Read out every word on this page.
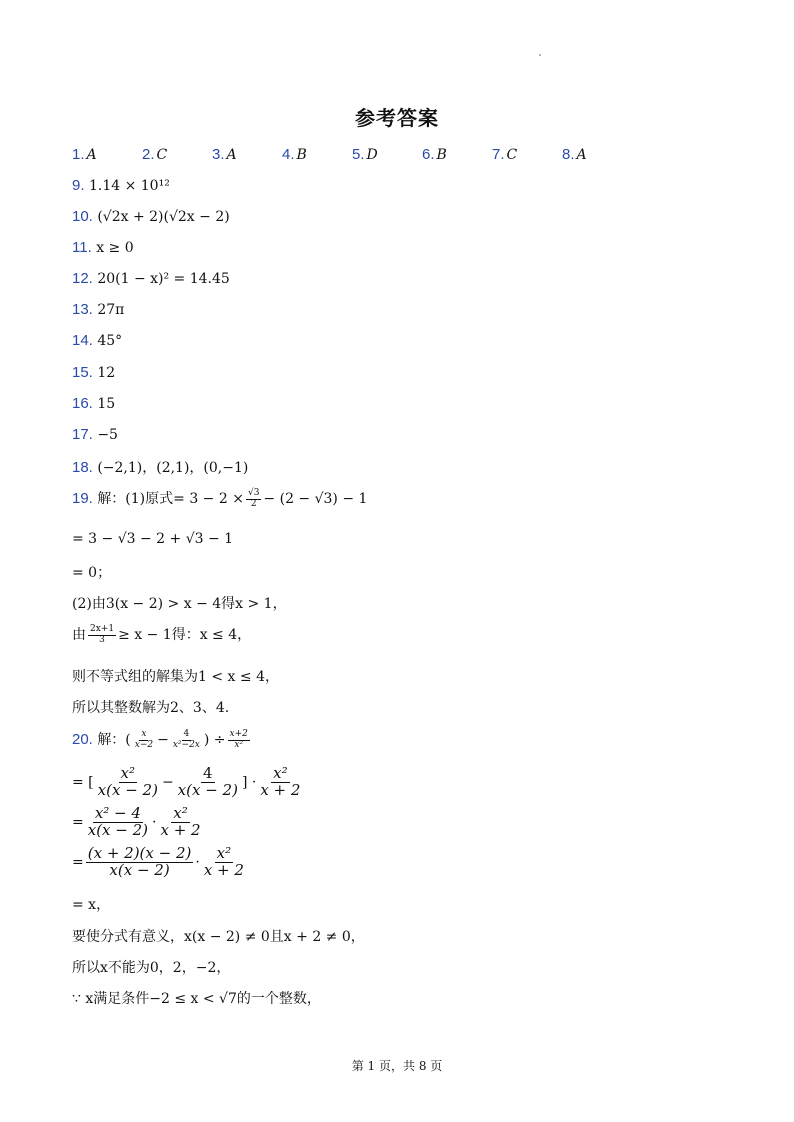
参考答案
1. A	2. C	3. A	4. B	5. D	6. B	7. C	8. A
9. 1.14 × 10¹²
10. (√2x + 2)(√2x − 2)
11. x ≥ 0
12. 20(1 − x)² = 14.45
13. 27π
14. 45°
15. 12
16. 15
17. −5
18. (−2,1)，(2,1)，(0,−1)
19. 解：(1)原式= $3 - 2 \times \frac{√3}{2} - (2 - √3) - 1$
= 3 − √3 − 2 + √3 − 1
= 0；
(2)由3(x − 2) > x − 4得x > 1，
由 $\frac{2x+1}{3} \ge x - 1$得：x ≤ 4，
则不等式组的解集为1 < x ≤ 4，
所以其整数解为2、3、4.
20. 解：( $\frac{x}{x-2} - \frac{4}{\text{x²−2x}}$ ) ÷ $\frac{x+2}{\text{x²}}$
= [ $\frac{\text{x²}}{x(x - 2)} - \frac{4}{x(x - 2)}$ ] · $\frac{\text{x²}}{x + 2}$
= $\frac{\text{x² − 4}}{x(x - 2)} \cdot \frac{\text{x²}}{x + 2}$
= $\frac{(x + 2)(x - 2)}{x(x - 2)} \cdot \frac{\text{x²}}{x + 2}$
= x，
要使分式有意义，x(x − 2) ≠ 0且x + 2 ≠ 0，
所以x不能为0，2，−2，
∵ x满足条件−2 ≤ x < √7的一个整数，
第 1 页，共 8 页
